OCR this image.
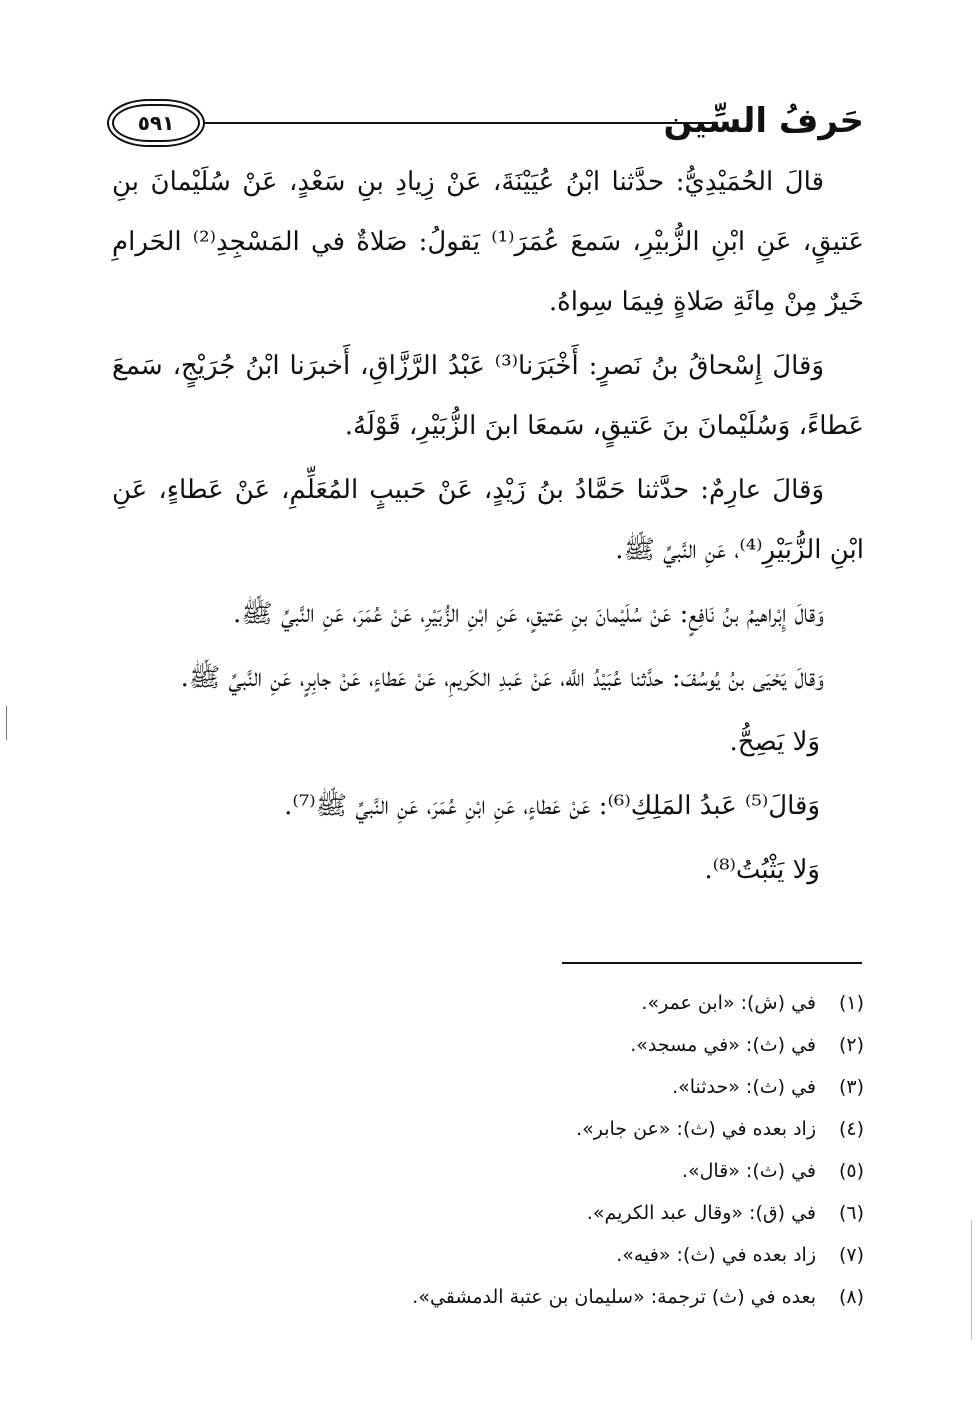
حَرفُ السِّين
٥٩١

قالَ الحُمَيْدِيُّ: حدَّثنا ابْنُ عُيَيْنَةَ، عَنْ زِيادِ بنِ سَعْدٍ، عَنْ سُلَيْمانَ بنِ عَتيقٍ، عَنِ ابْنِ الزُّبيْرِ، سَمعَ عُمَرَ⁽¹⁾ يَقولُ: صَلاةٌ في المَسْجِدِ⁽²⁾ الحَرامِ خَيرٌ مِنْ مِائَةِ صَلاةٍ فِيمَا سِواهُ.

وَقالَ إِسْحاقُ بنُ نَصرٍ: أَخْبَرَنا⁽³⁾ عَبْدُ الرَّزَّاقِ، أَخبرَنا ابْنُ جُرَيْجٍ، سَمعَ عَطاءً، وَسُلَيْمانَ بنَ عَتيقٍ، سَمعَا ابنَ الزُّبَيْرِ، قَوْلَهُ.

وَقالَ عارِمٌ: حدَّثنا حَمَّادُ بنُ زَيْدٍ، عَنْ حَبيبٍ المُعَلِّمِ، عَنْ عَطاءٍ، عَنِ ابْنِ الزُّبَيْرِ⁽⁴⁾، عَنِ النَّبيِّ ﷺ.

وَقالَ إِبْراهيمُ بنُ نَافِعٍ: عَنْ سُلَيْمانَ بنِ عَتيقٍ، عَنِ ابْنِ الزُّبَيْرِ، عَنْ عُمَرَ، عَنِ النَّبيِّ ﷺ.

وَقالَ يَحْيَى بنُ يُوسُفَ: حدَّثنا عُبَيْدُ اللَّه، عَنْ عَبدِ الكَريمِ، عَنْ عَطاءٍ، عَنْ جابِرٍ، عَنِ النَّبيِّ ﷺ.

وَلا يَصِحُّ.

وَقالَ⁽⁵⁾ عَبدُ المَلِكِ⁽⁶⁾: عَنْ عَطاءٍ، عَنِ ابْنِ عُمَرَ، عَنِ النَّبيِّ ﷺ⁽⁷⁾.

وَلا يَثْبُتُ⁽⁸⁾.

(١)في (ش): «ابن عمر».
(٢)في (ث): «في مسجد».
(٣)في (ث): «حدثنا».
(٤)زاد بعده في (ث): «عن جابر».
(٥)في (ث): «قال».
(٦)في (ق): «وقال عبد الكريم».
(٧)زاد بعده في (ث): «فيه».
(٨)بعده في (ث) ترجمة: «سليمان بن عتبة الدمشقي».
